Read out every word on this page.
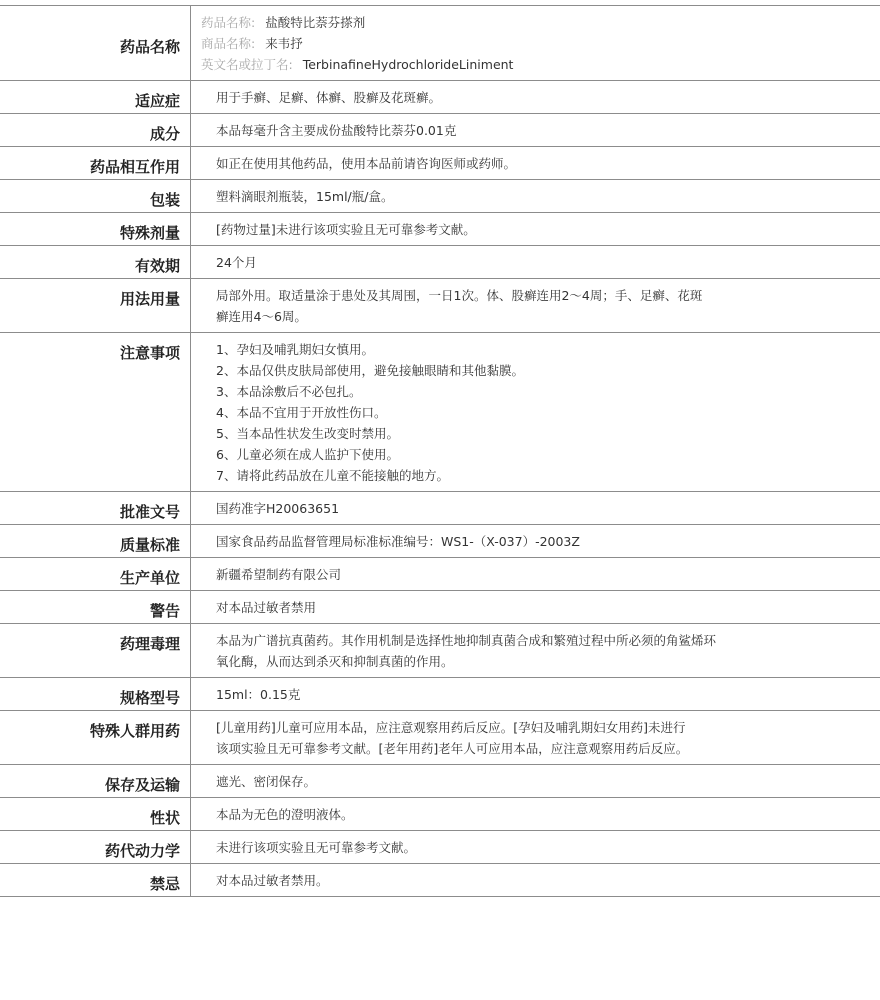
药品名称
药品名称: 盐酸特比萘芬搽剂
商品名称: 来韦抒
英文名或拉丁名: TerbinafineHydrochlorideLiniment
适应症	用于手癣、足癣、体癣、股癣及花斑癣。
成分	本品每毫升含主要成份盐酸特比萘芬0.01克
药品相互作用	如正在使用其他药品，使用本品前请咨询医师或药师。
包装	塑料滴眼剂瓶装，15ml/瓶/盒。
特殊剂量	[药物过量]未进行该项实验且无可靠参考文献。
有效期	24个月
用法用量	局部外用。取适量涂于患处及其周围，一日1次。体、股癣连用2～4周；手、足癣、花斑
癣连用4～6周。
注意事项	1、孕妇及哺乳期妇女慎用。
2、本品仅供皮肤局部使用，避免接触眼睛和其他黏膜。
3、本品涂敷后不必包扎。
4、本品不宜用于开放性伤口。
5、当本品性状发生改变时禁用。
6、儿童必须在成人监护下使用。
7、请将此药品放在儿童不能接触的地方。
批准文号	国药准字H20063651
质量标准	国家食品药品监督管理局标准标准编号：WS1-（X-037）-2003Z
生产单位	新疆希望制药有限公司
警告	对本品过敏者禁用
药理毒理	本品为广谱抗真菌药。其作用机制是选择性地抑制真菌合成和繁殖过程中所必须的角鲨烯环
氧化酶，从而达到杀灭和抑制真菌的作用。
规格型号	15ml：0.15克
特殊人群用药	[儿童用药]儿童可应用本品，应注意观察用药后反应。[孕妇及哺乳期妇女用药]未进行
该项实验且无可靠参考文献。[老年用药]老年人可应用本品，应注意观察用药后反应。
保存及运输	遮光、密闭保存。
性状	本品为无色的澄明液体。
药代动力学	未进行该项实验且无可靠参考文献。
禁忌	对本品过敏者禁用。
